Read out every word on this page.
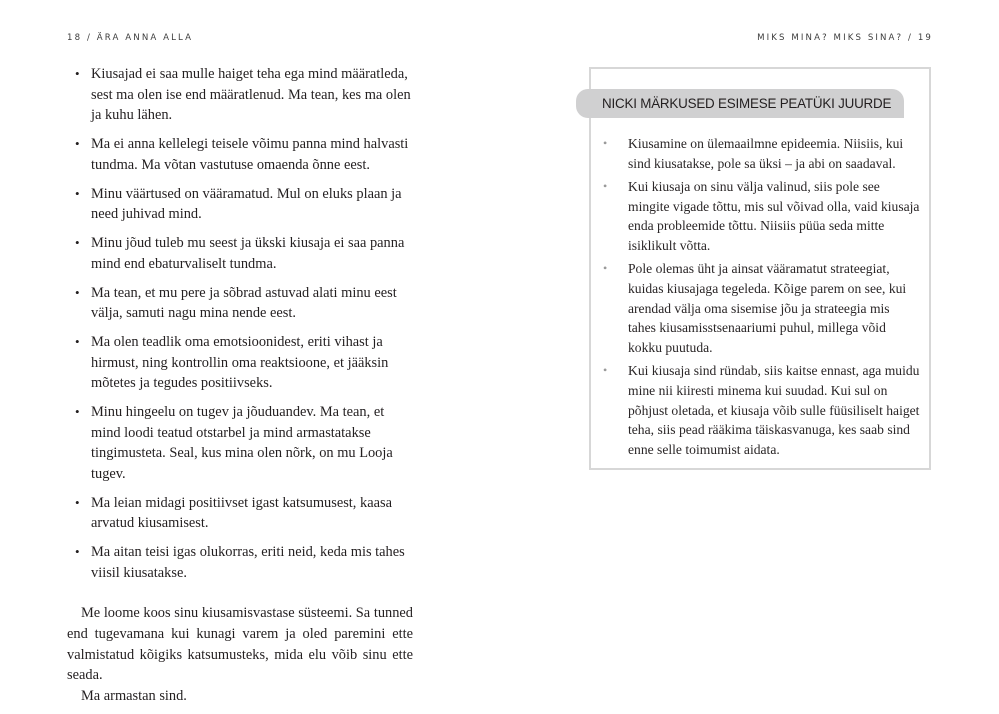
18 / ÄRA ANNA ALLA	MIKS MINA? MIKS SINA? / 19
• Kiusajad ei saa mulle haiget teha ega mind määratleda, sest ma olen ise end määratlenud. Ma tean, kes ma olen ja kuhu lähen.
• Ma ei anna kellelegi teisele võimu panna mind halvasti tundma. Ma võtan vastutuse omaenda õnne eest.
• Minu väärtused on vääramatud. Mul on eluks plaan ja need juhivad mind.
• Minu jõud tuleb mu seest ja ükski kiusaja ei saa panna mind end ebaturvaliselt tundma.
• Ma tean, et mu pere ja sõbrad astuvad alati minu eest välja, samuti nagu mina nende eest.
• Ma olen teadlik oma emotsioonidest, eriti vihast ja hirmust, ning kontrollin oma reaktsioone, et jääksin mõtetes ja tegudes positiivseks.
• Minu hingeelu on tugev ja jõuduandev. Ma tean, et mind loodi teatud otstarbel ja mind armastatakse tingimusteta. Seal, kus mina olen nõrk, on mu Looja tugev.
• Ma leian midagi positiivset igast katsumusest, kaasa arvatud kiusamisest.
• Ma aitan teisi igas olukorras, eriti neid, keda mis tahes viisil kiusatakse.

Me loome koos sinu kiusamisvastase süsteemi. Sa tunned end tugevamana kui kunagi varem ja oled paremini ette valmistatud kõigiks katsumusteks, mida elu võib sinu ette seada.

Ma armastan sind.

NICKI MÄRKUSED ESIMESE PEATÜKI JUURDE
• Kiusamine on ülemaailmne epideemia. Niisiis, kui sind kiusatakse, pole sa üksi – ja abi on saadaval.
• Kui kiusaja on sinu välja valinud, siis pole see mingite vigade tõttu, mis sul võivad olla, vaid kiusaja enda probleemide tõttu. Niisiis püüa seda mitte isiklikult võtta.
• Pole olemas üht ja ainsat vääramatut strateegiat, kuidas kiusajaga tegeleda. Kõige parem on see, kui arendad välja oma sisemise jõu ja strateegia mis tahes kiusamisstsenaariumi puhul, millega võid kokku puutuda.
• Kui kiusaja sind ründab, siis kaitse ennast, aga muidu mine nii kiiresti minema kui suudad. Kui sul on põhjust oletada, et kiusaja võib sulle füüsiliselt haiget teha, siis pead rääkima täiskasvanuga, kes saab sind enne selle toimumist aidata.
